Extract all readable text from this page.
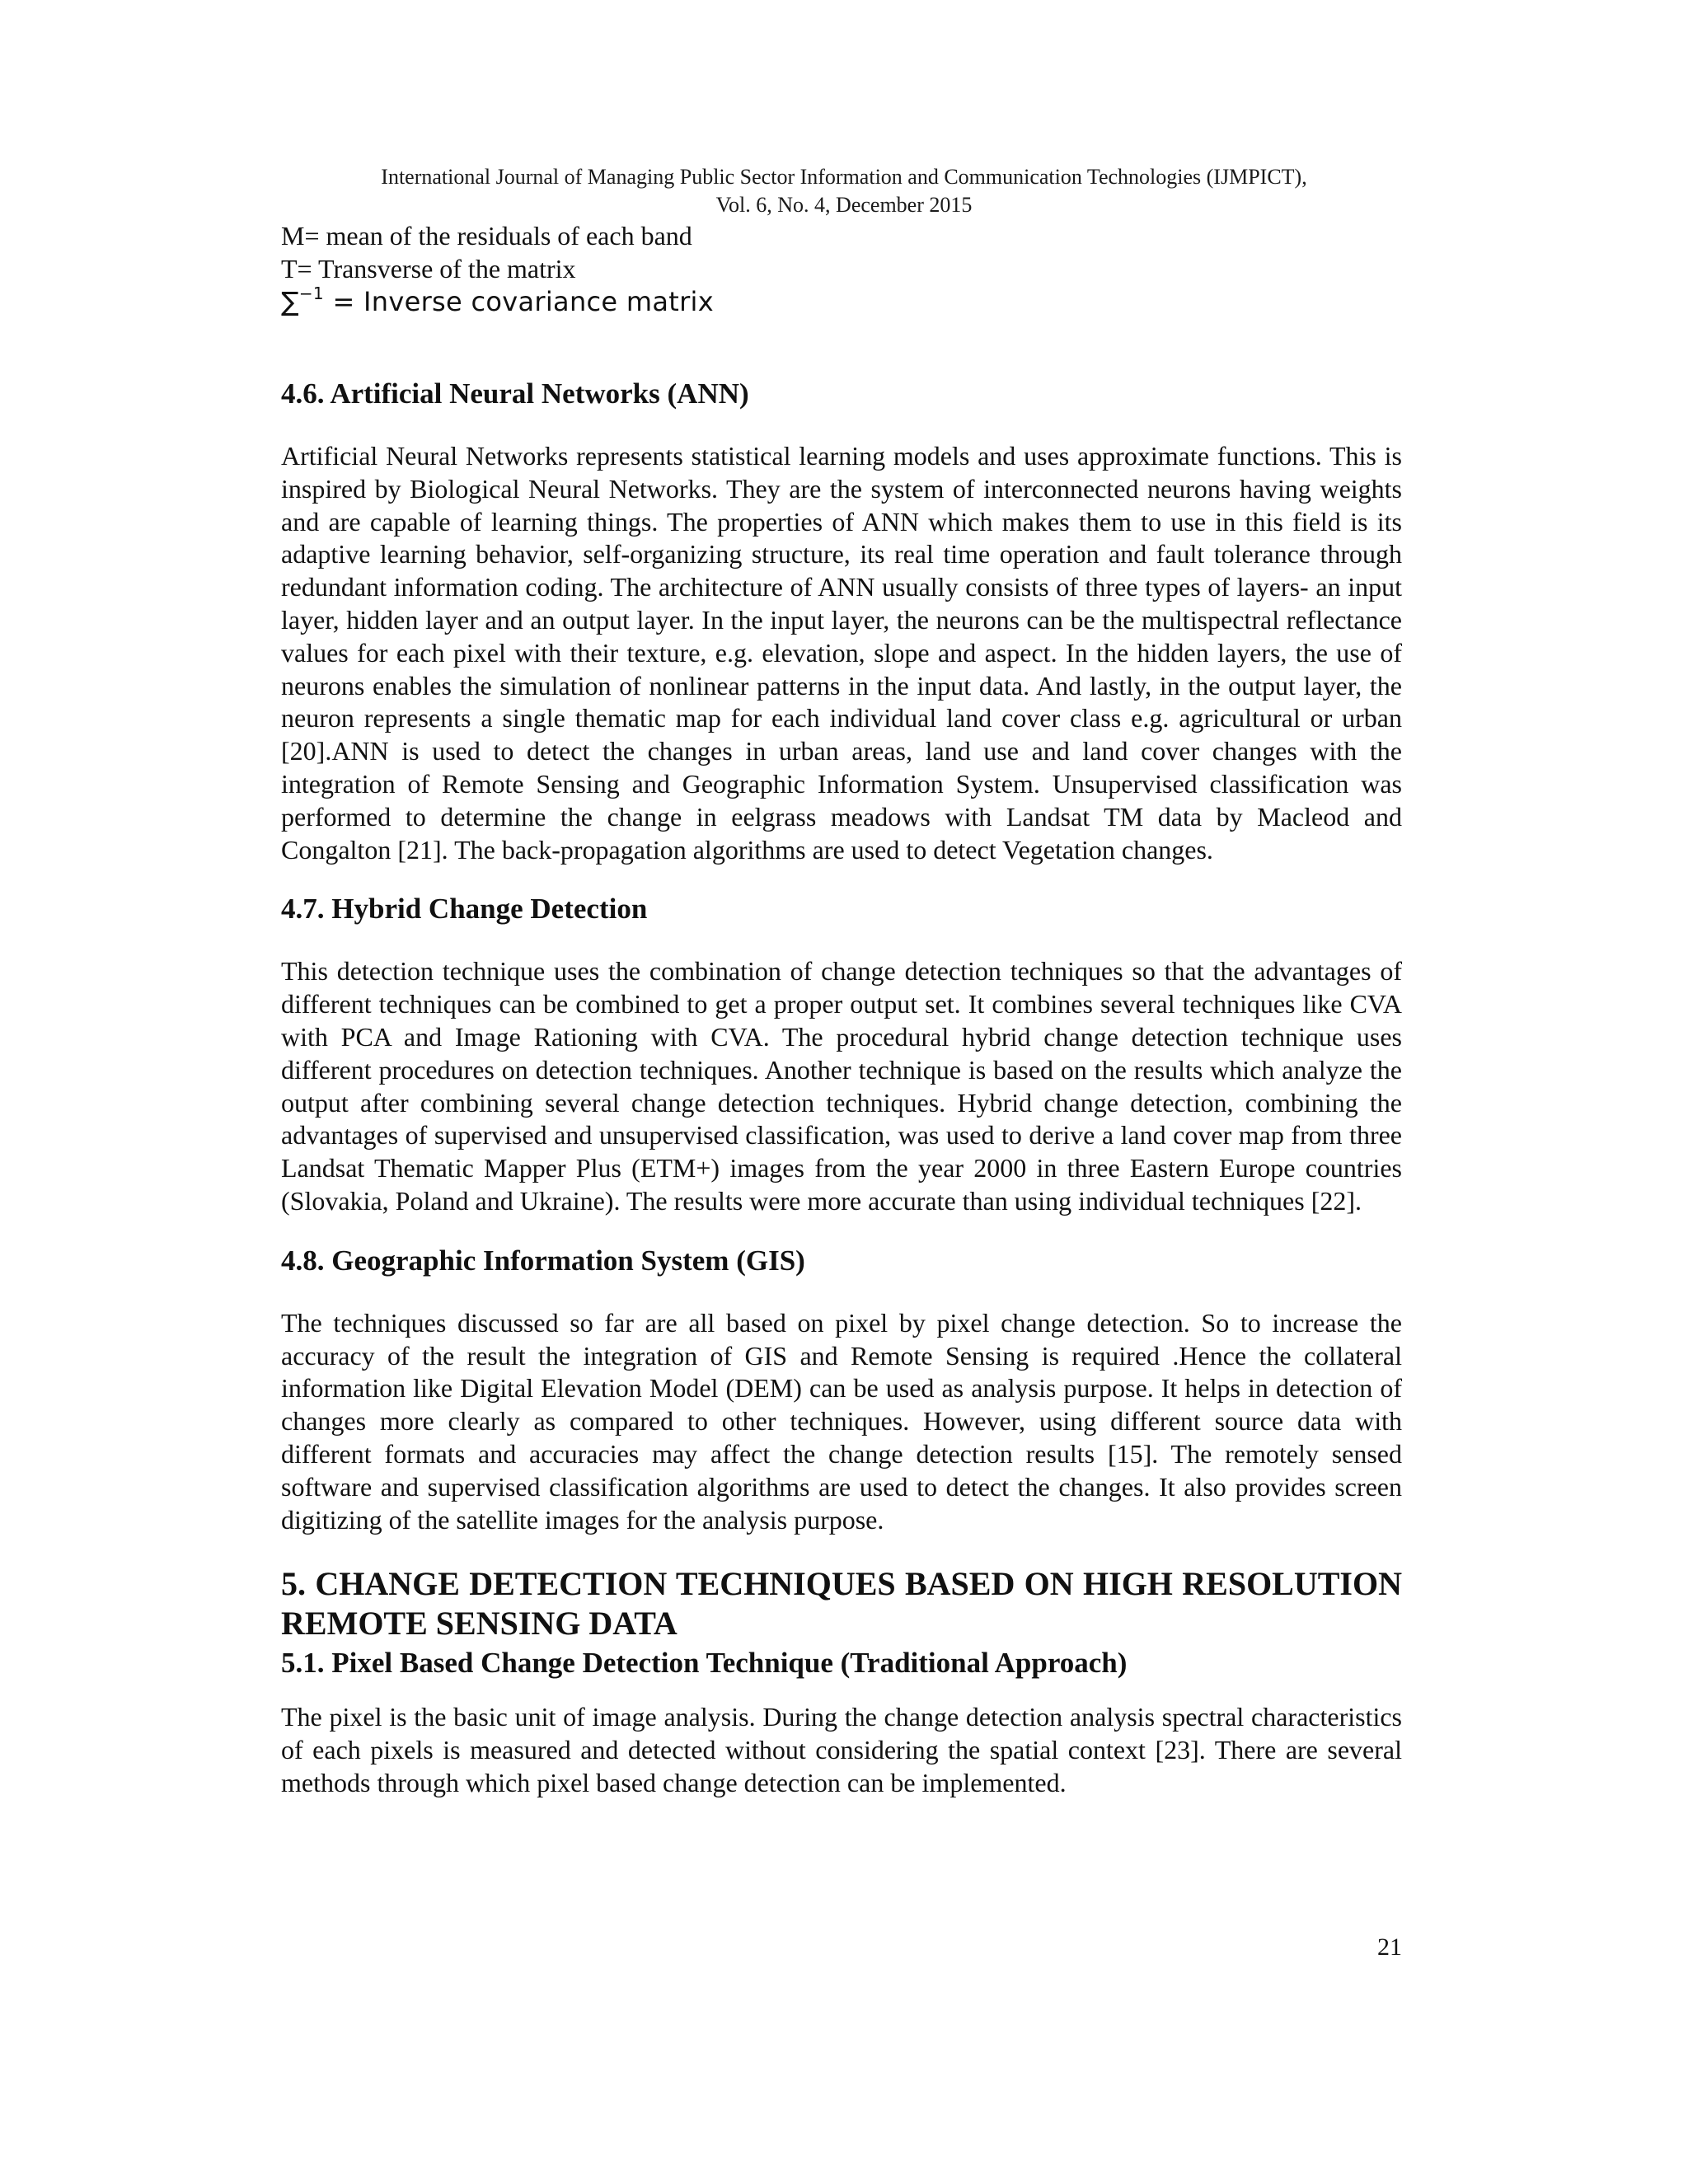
International Journal of Managing Public Sector Information and Communication Technologies (IJMPICT),
Vol. 6, No. 4, December 2015

M= mean of the residuals of each band

T= Transverse of the matrix

∑$^{-1}$ = Inverse covariance matrix

4.6. Artificial Neural Networks (ANN)

Artificial Neural Networks represents statistical learning models and uses approximate functions. This is inspired by Biological Neural Networks. They are the system of interconnected neurons having weights and are capable of learning things. The properties of ANN which makes them to use in this field is its adaptive learning behavior, self-organizing structure, its real time operation and fault tolerance through redundant information coding. The architecture of ANN usually consists of three types of layers- an input layer, hidden layer and an output layer. In the input layer, the neurons can be the multispectral reflectance values for each pixel with their texture, e.g. elevation, slope and aspect. In the hidden layers, the use of neurons enables the simulation of nonlinear patterns in the input data. And lastly, in the output layer, the neuron represents a single thematic map for each individual land cover class e.g. agricultural or urban [20].ANN is used to detect the changes in urban areas, land use and land cover changes with the integration of Remote Sensing and Geographic Information System. Unsupervised classification was performed to determine the change in eelgrass meadows with Landsat TM data by Macleod and Congalton [21]. The back-propagation algorithms are used to detect Vegetation changes.

4.7. Hybrid Change Detection

This detection technique uses the combination of change detection techniques so that the advantages of different techniques can be combined to get a proper output set. It combines several techniques like CVA with PCA and Image Rationing with CVA. The procedural hybrid change detection technique uses different procedures on detection techniques. Another technique is based on the results which analyze the output after combining several change detection techniques. Hybrid change detection, combining the advantages of supervised and unsupervised classification, was used to derive a land cover map from three Landsat Thematic Mapper Plus (ETM+) images from the year 2000 in three Eastern Europe countries (Slovakia, Poland and Ukraine). The results were more accurate than using individual techniques [22].

4.8. Geographic Information System (GIS)

The techniques discussed so far are all based on pixel by pixel change detection. So to increase the accuracy of the result the integration of GIS and Remote Sensing is required .Hence the collateral information like Digital Elevation Model (DEM) can be used as analysis purpose. It helps in detection of changes more clearly as compared to other techniques. However, using different source data with different formats and accuracies may affect the change detection results [15]. The remotely sensed software and supervised classification algorithms are used to detect the changes. It also provides screen digitizing of the satellite images for the analysis purpose.

5. CHANGE DETECTION TECHNIQUES BASED ON HIGH RESOLUTION

REMOTE SENSING DATA

5.1. Pixel Based Change Detection Technique (Traditional Approach)

The pixel is the basic unit of image analysis. During the change detection analysis spectral characteristics of each pixels is measured and detected without considering the spatial context [23]. There are several methods through which pixel based change detection can be implemented.

21
